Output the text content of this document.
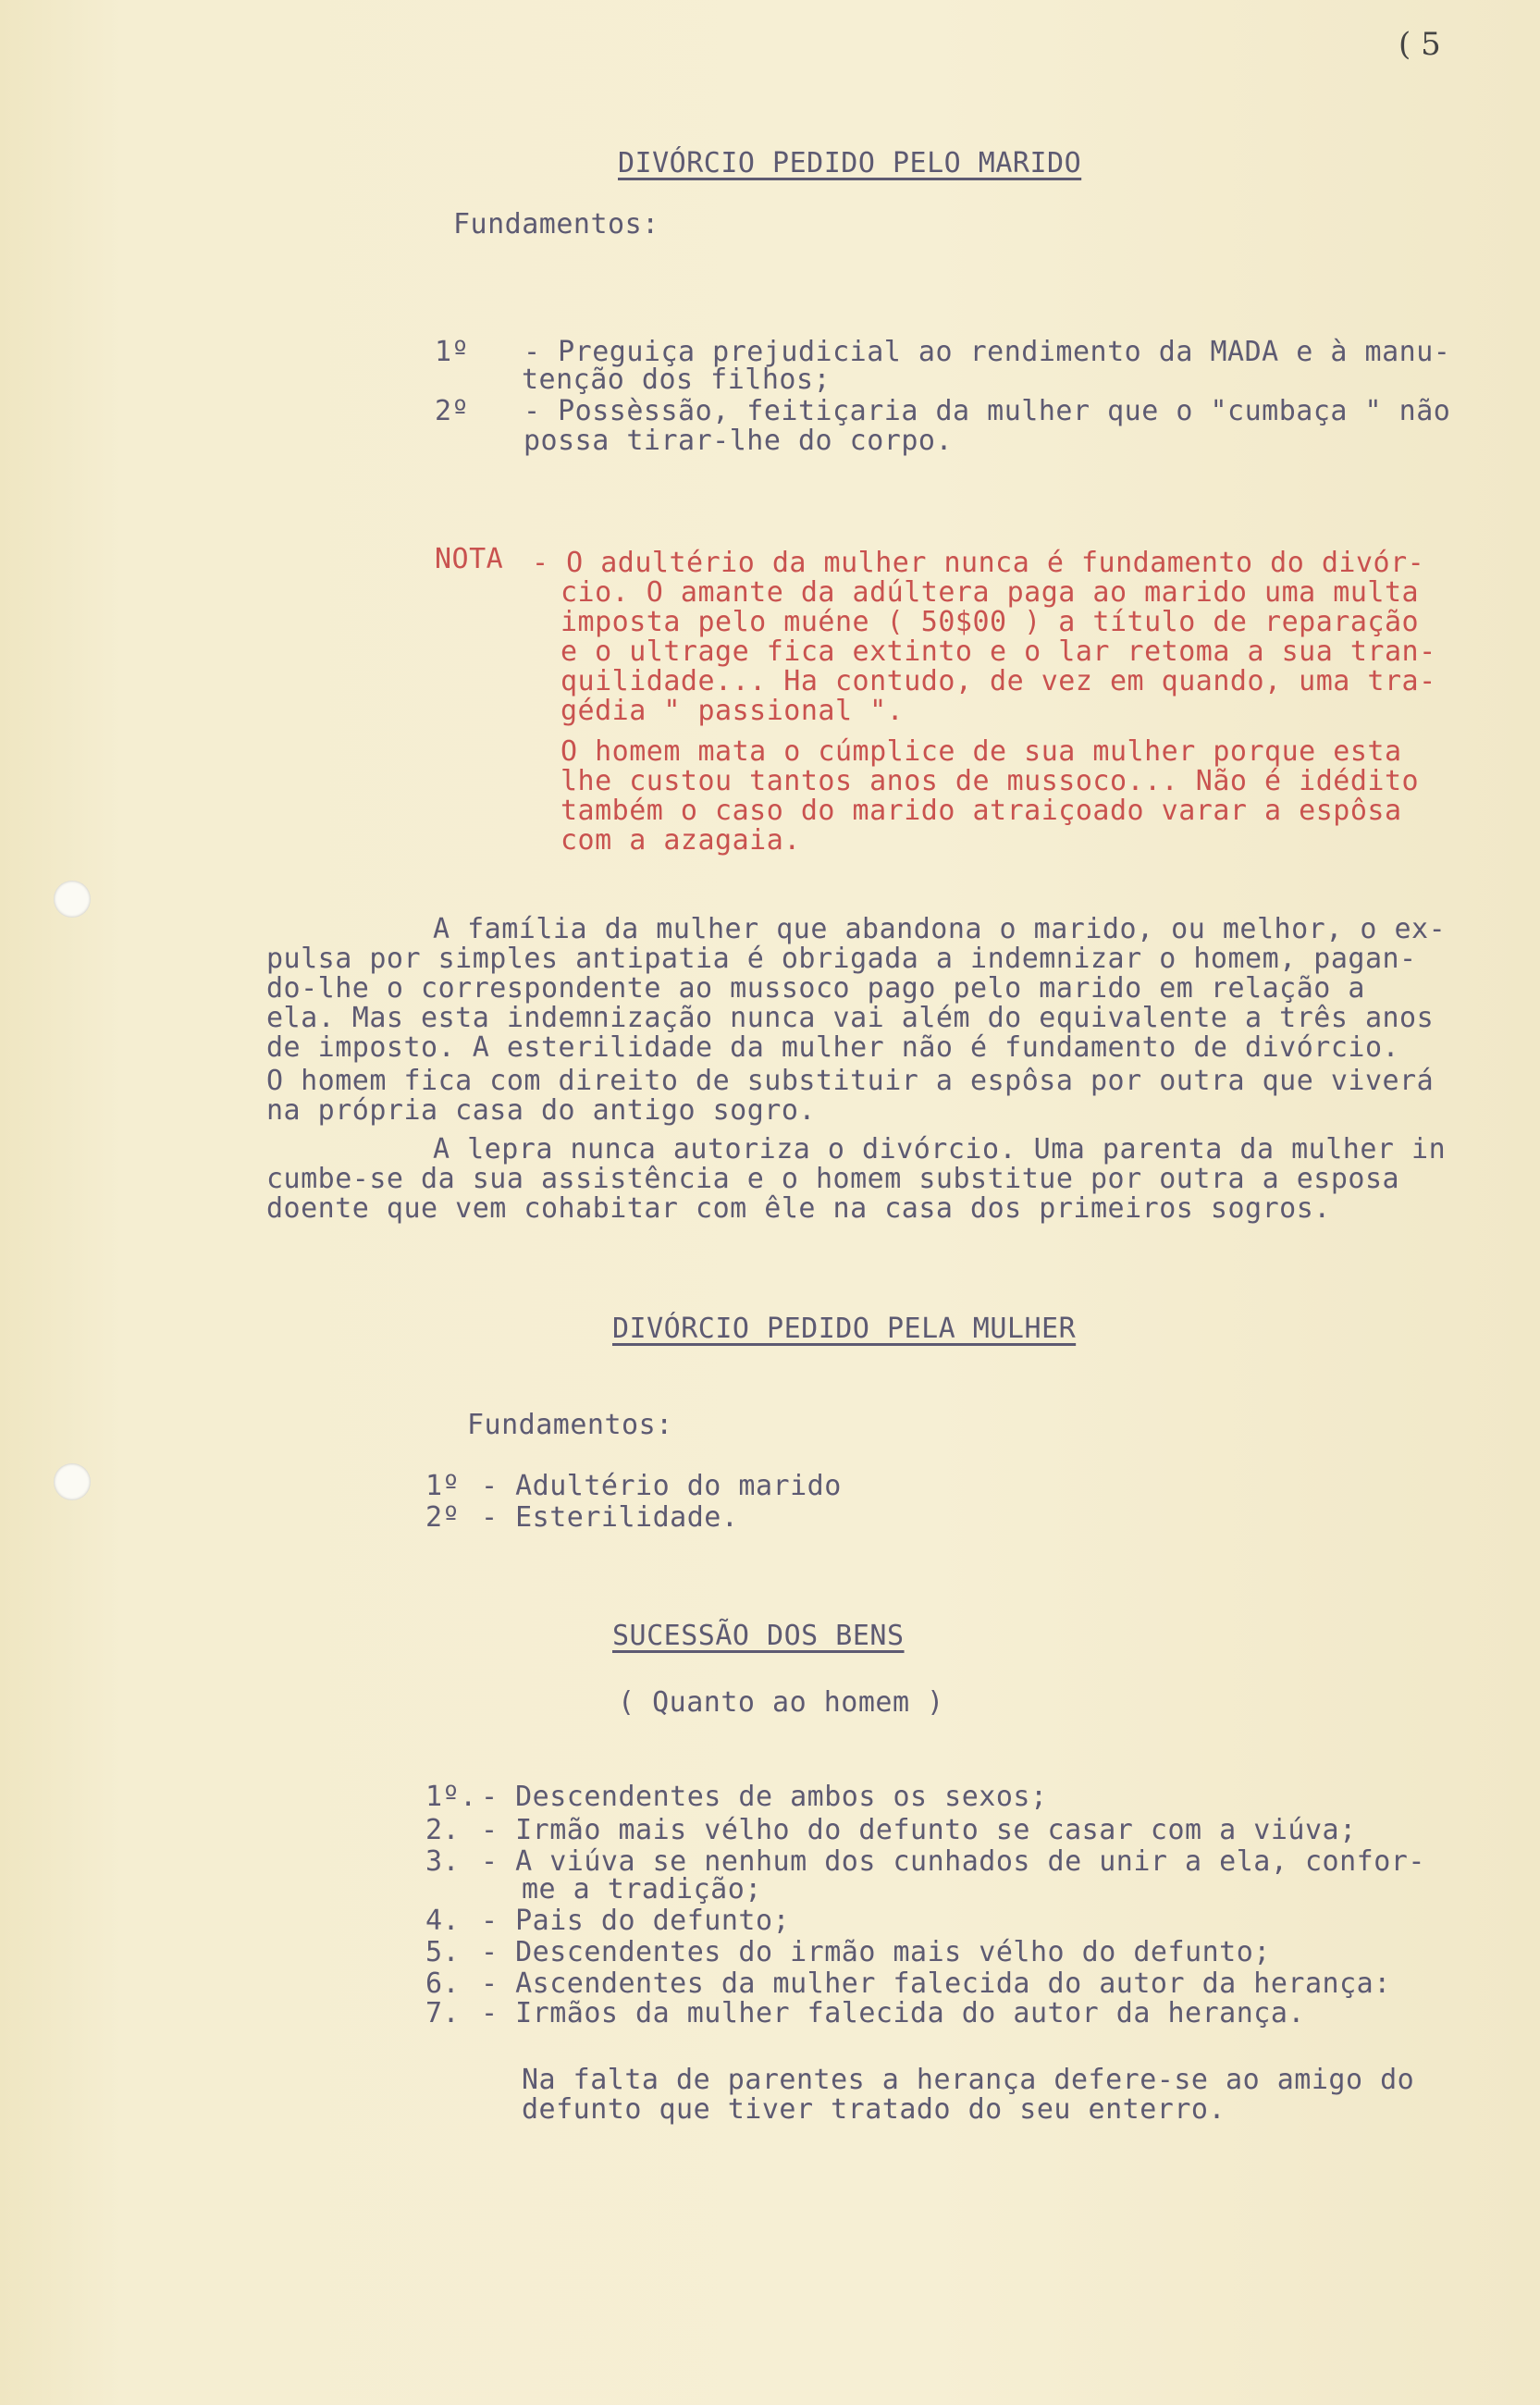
( 5
DIVÓRCIO PEDIDO PELO MARIDO
Fundamentos:
1º - Preguiça prejudicial ao rendimento da MADA e à manu-
tenção dos filhos;
2º - Possèssão, feitiçaria da mulher que o "cumbaça " não
possa tirar-lhe do corpo.
NOTA - O adultério da mulher nunca é fundamento do divór-
cio. O amante da adúltera paga ao marido uma multa
imposta pelo muéne ( 50$00 ) a título de reparação
e o ultrage fica extinto e o lar retoma a sua tran-
quilidade... Ha contudo, de vez em quando, uma tra-
gédia " passional ".
O homem mata o cúmplice de sua mulher porque esta
lhe custou tantos anos de mussoco... Não é idédito
também o caso do marido atraiçoado varar a espôsa
com a azagaia.
A família da mulher que abandona o marido, ou melhor, o ex-
pulsa por simples antipatia é obrigada a indemnizar o homem, pagan-
do-lhe o correspondente ao mussoco pago pelo marido em relação a
ela. Mas esta indemnização nunca vai além do equivalente a três anos
de imposto. A esterilidade da mulher não é fundamento de divórcio.
O homem fica com direito de substituir a espôsa por outra que viverá
na própria casa do antigo sogro.
A lepra nunca autoriza o divórcio. Uma parenta da mulher in
cumbe-se da sua assistência e o homem substitue por outra a esposa
doente que vem cohabitar com êle na casa dos primeiros sogros.
DIVÓRCIO PEDIDO PELA MULHER
Fundamentos:
1º - Adultério do marido
2º - Esterilidade.
SUCESSÃO DOS BENS
( Quanto ao homem )
1º. - Descendentes de ambos os sexos;
2. - Irmão mais vélho do defunto se casar com a viúva;
3. - A viúva se nenhum dos cunhados de unir a ela, confor-
me a tradição;
4. - Pais do defunto;
5. - Descendentes do irmão mais vélho do defunto;
6. - Ascendentes da mulher falecida do autor da herança:
7. - Irmãos da mulher falecida do autor da herança.
Na falta de parentes a herança defere-se ao amigo do
defunto que tiver tratado do seu enterro.
